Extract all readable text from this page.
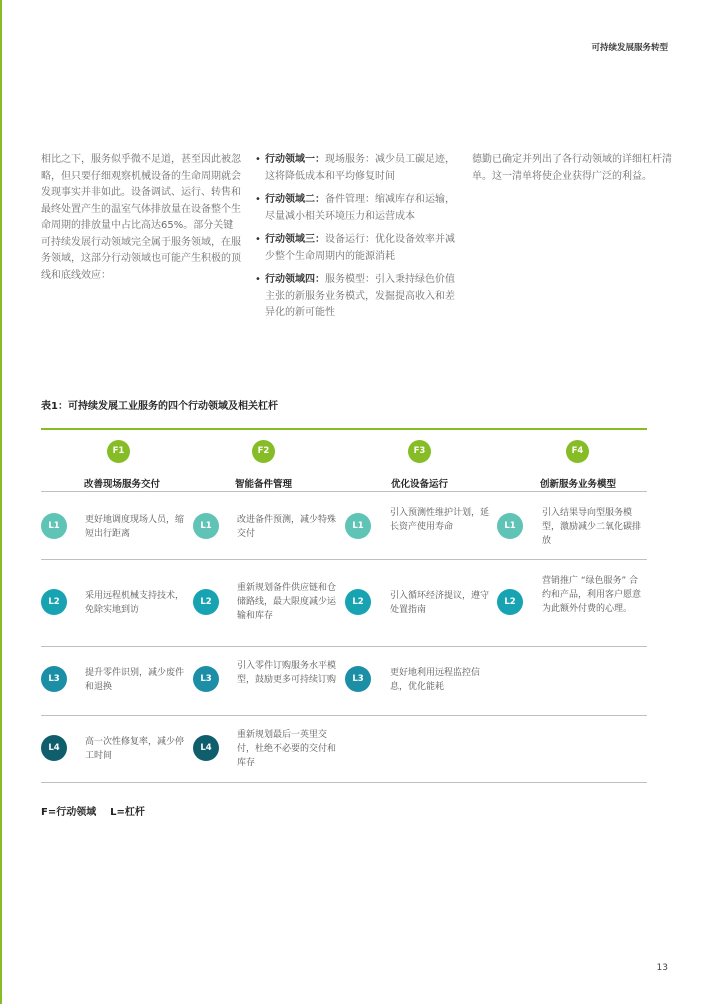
可持续发展服务转型

相比之下，服务似乎微不足道，甚至因此被忽略，但只要仔细观察机械设备的生命周期就会发现事实并非如此。设备调试、运行、转售和最终处置产生的温室气体排放量在设备整个生命周期的排放量中占比高达65%。部分关键可持续发展行动领域完全属于服务领域，在服务领域，这部分行动领域也可能产生积极的顶线和底线效应：

• 行动领域一：现场服务：减少员工碳足迹，这将降低成本和平均修复时间
• 行动领域二：备件管理：缩减库存和运输，尽量减小相关环境压力和运营成本
• 行动领域三：设备运行：优化设备效率并减少整个生命周期内的能源消耗
• 行动领域四：服务模型：引入秉持绿色价值主张的新服务业务模式，发掘提高收入和差异化的新可能性

德勤已确定并列出了各行动领域的详细杠杆清单。这一清单将使企业获得广泛的利益。

表1：可持续发展工业服务的四个行动领域及相关杠杆
F1
改善现场服务交付
F2
智能备件管理
F3
优化设备运行
F4
创新服务业务模型
L1
更好地调度现场人员，缩短出行距离
L1
改进备件预测，减少特殊交付
L1
引入预测性维护计划，延长资产使用寿命	L1
引入结果导向型服务模型，激励减少二氧化碳排放
L2
采用远程机械支持技术，免除实地到访
L2
重新规划备件供应链和仓储路线，最大限度减少运输和库存
L2
引入循环经济提议，遵守处置指南
L2
营销推广 “绿色服务” 合约和产品，利用客户愿意为此额外付费的心理。
L3
提升零件识别，减少废件和退换
L3
引入零件订购服务水平模型，鼓励更多可持续订购	L3
更好地利用远程监控信息，优化能耗
L4
高一次性修复率，减少停工时间
L4
重新规划最后一英里交付，杜绝不必要的交付和库存
F=行动领域    L=杠杆
13
